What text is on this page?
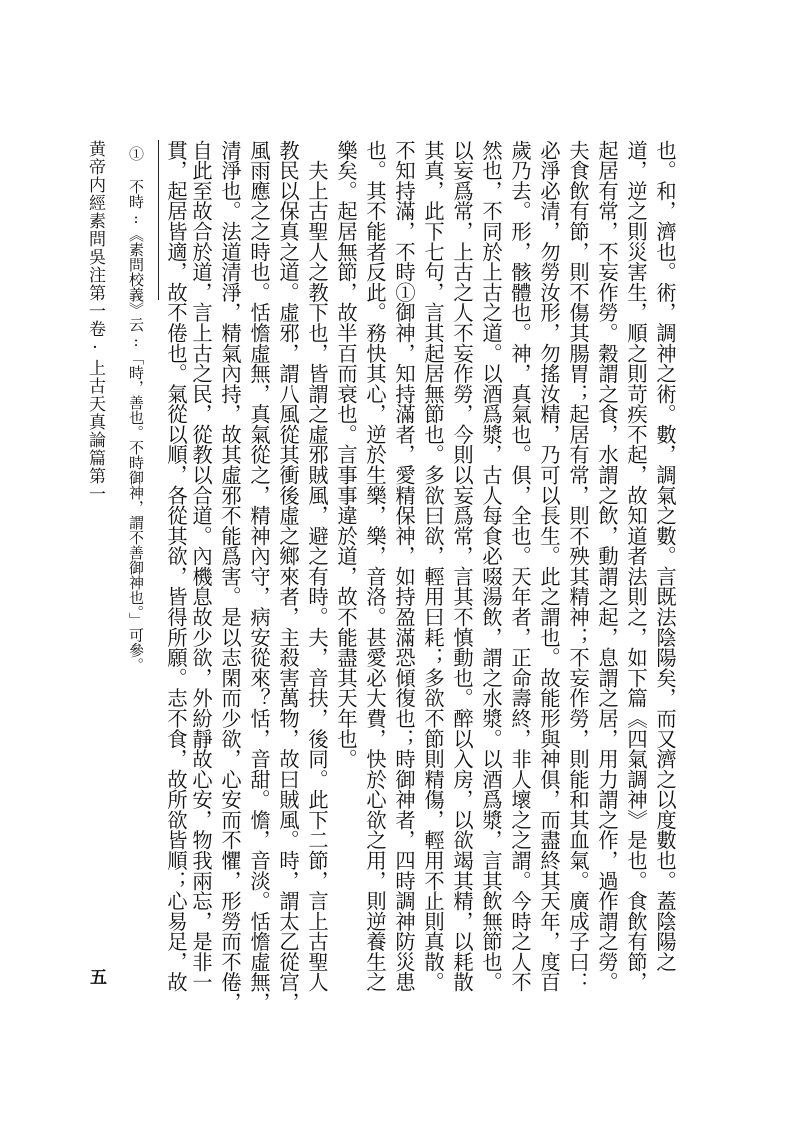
黄帝内經素問吳注第一卷·上古天真論篇第一 ① 不時:《素問校義》云:「時，善也。不時御神，謂不善御神也。」可參。	也。和，濟也。術，調神之術。數，調氣之數。言既法陰陽矣，而又濟之以度數也。蓋陰陽之
道，逆之則災害生，順之則苛疾不起，故知道者法則之，如下篇《四氣調神》是也。食飲有節，
起居有常，不妄作勞。穀謂之食，水謂之飲，動謂之起，息謂之居，用力謂之作，過作謂之勞。
夫食飲有節，則不傷其腸胃；起居有常，則不殃其精神；不妄作勞，則能和其血氣。廣成子曰：
必淨必清，勿勞汝形，勿搖汝精，乃可以長生。此之謂也。故能形與神俱，而盡終其天年，度百
歲乃去。形，骸體也。神，真氣也。俱，全也。天年者，正命壽終，非人壞之之謂。今時之人不
然也，不同於上古之道。以酒爲漿，古人每食必啜湯飲，謂之水漿。以酒爲漿，言其飲無節也。
以妄爲常，上古之人不妄作勞，今則以妄爲常，言其不慎動也。醉以入房，以欲竭其精，以耗散
其真，此下七句，言其起居無節也。多欲曰欲，輕用曰耗；多欲不節則精傷，輕用不止則真散。
不知持滿，不時①御神，知持滿者，愛精保神，如持盈滿恐傾復也；時御神者，四時調神防災患
也。其不能者反此。務快其心，逆於生樂，樂，音洛。甚愛必大費，快於心欲之用，則逆養生之
樂矣。起居無節，故半百而衰也。言事事違於道，故不能盡其天年也。
　夫上古聖人之教下也，皆謂之虛邪賊風，避之有時。夫，音扶，後同。此下二節，言上古聖人
教民以保真之道。虛邪，謂八風從其衝後虛之鄉來者，主殺害萬物，故曰賊風。時，謂太乙從宫，
風雨應之之時也。恬憺虛無，真氣從之，精神內守，病安從來？恬，音甜。憺，音淡。恬憺虛無，
清淨也。法道清淨，精氣內持，故其虛邪不能爲害。是以志閑而少欲，心安而不懼，形勞而不倦，
自此至故合於道，言上古之民，從教以合道。內機息故少欲，外紛靜故心安，物我兩忘，是非一
貫，起居皆適，故不倦也。氣從以順，各從其欲，皆得所願。志不食，故所欲皆順；心易足，故
五
